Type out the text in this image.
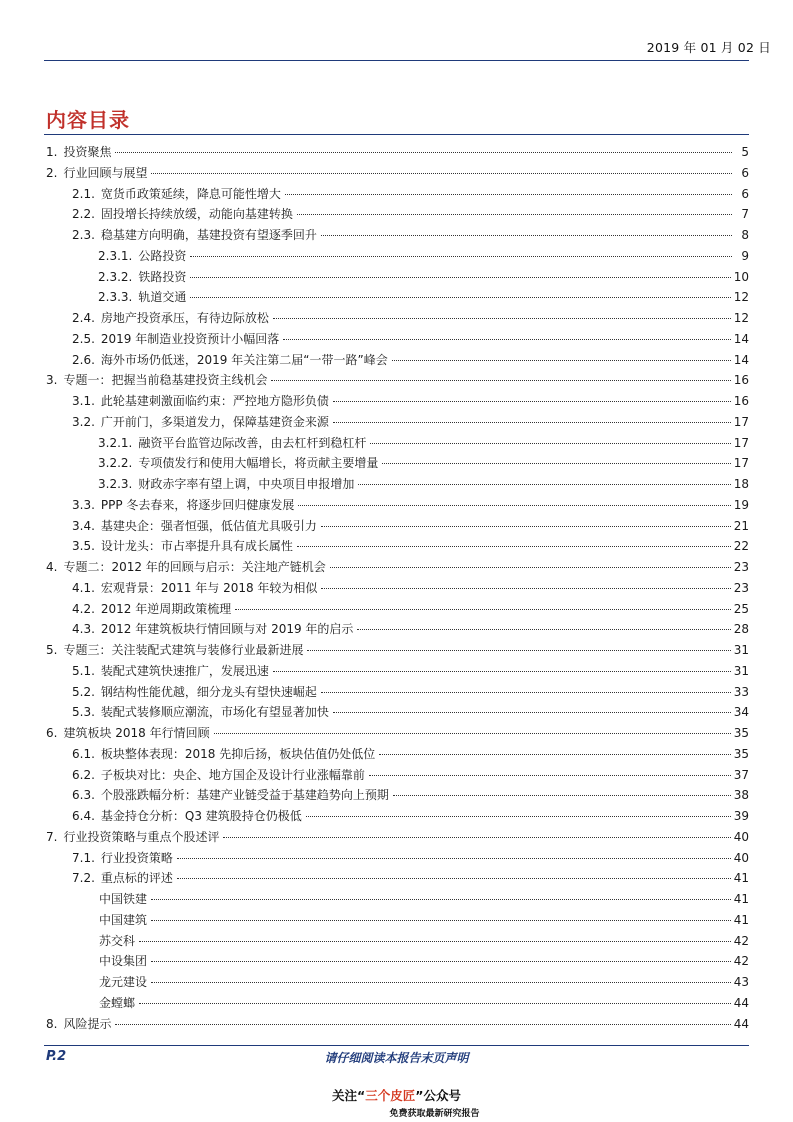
2019 年 01 月 02 日
内容目录
1. 投资聚焦	5
2. 行业回顾与展望	6
2.1. 宽货币政策延续，降息可能性增大	6
2.2. 固投增长持续放缓，动能向基建转换	7
2.3. 稳基建方向明确，基建投资有望逐季回升	8
2.3.1. 公路投资	9
2.3.2. 铁路投资	10
2.3.3. 轨道交通	12
2.4. 房地产投资承压，有待边际放松	12
2.5. 2019 年制造业投资预计小幅回落	14
2.6. 海外市场仍低迷，2019 年关注第二届“一带一路”峰会	14
3. 专题一：把握当前稳基建投资主线机会	16
3.1. 此轮基建刺激面临约束：严控地方隐形负债	16
3.2. 广开前门，多渠道发力，保障基建资金来源	17
3.2.1. 融资平台监管边际改善，由去杠杆到稳杠杆	17
3.2.2. 专项债发行和使用大幅增长，将贡献主要增量	17
3.2.3. 财政赤字率有望上调，中央项目申报增加	18
3.3. PPP 冬去春来，将逐步回归健康发展	19
3.4. 基建央企：强者恒强，低估值尤具吸引力	21
3.5. 设计龙头：市占率提升具有成长属性	22
4. 专题二：2012 年的回顾与启示：关注地产链机会	23
4.1. 宏观背景：2011 年与 2018 年较为相似	23
4.2. 2012 年逆周期政策梳理	25
4.3. 2012 年建筑板块行情回顾与对 2019 年的启示	28
5. 专题三：关注装配式建筑与装修行业最新进展	31
5.1. 装配式建筑快速推广，发展迅速	31
5.2. 钢结构性能优越，细分龙头有望快速崛起	33
5.3. 装配式装修顺应潮流，市场化有望显著加快	34
6. 建筑板块 2018 年行情回顾	35
6.1. 板块整体表现：2018 先抑后扬，板块估值仍处低位	35
6.2. 子板块对比：央企、地方国企及设计行业涨幅靠前	37
6.3. 个股涨跌幅分析：基建产业链受益于基建趋势向上预期	38
6.4. 基金持仓分析：Q3 建筑股持仓仍极低	39
7. 行业投资策略与重点个股述评	40
7.1. 行业投资策略	40
7.2. 重点标的评述	41
中国铁建	41
中国建筑	41
苏交科	42
中设集团	42
龙元建设	43
金螳螂	44
8. 风险提示	44
P.2	请仔细阅读本报告末页声明
关注“三个皮匠”公众号
免费获取最新研究报告
